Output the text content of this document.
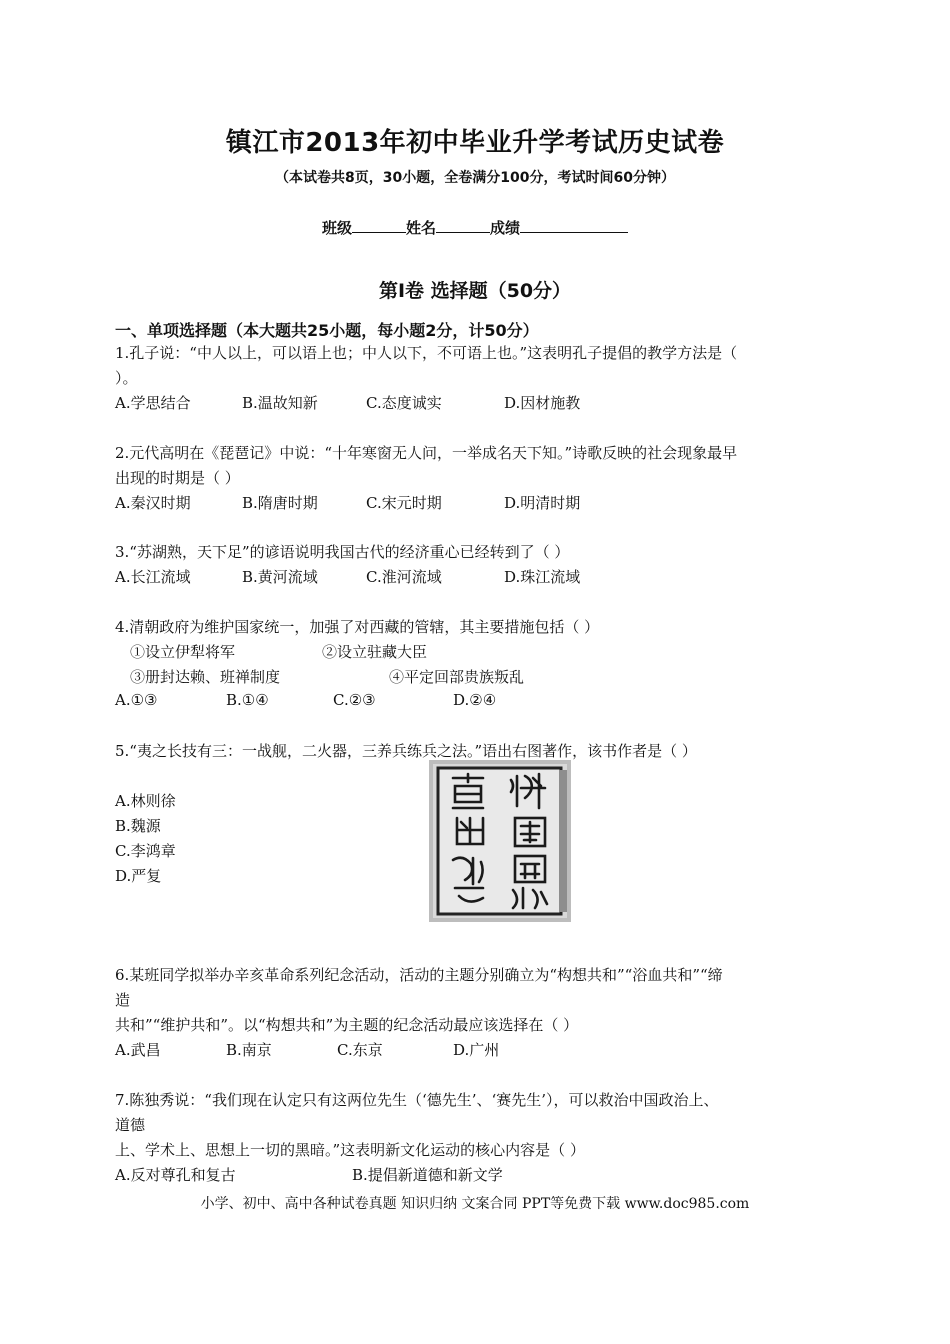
镇江市2013年初中毕业升学考试历史试卷
（本试卷共8页，30小题，全卷满分100分，考试时间60分钟）
班级	姓名	成绩
第Ⅰ卷 选择题（50分）
一、单项选择题（本大题共25小题，每小题2分，计50分）
1.孔子说：“中人以上，可以语上也；中人以下，不可语上也。”这表明孔子提倡的教学方法是（
）。
A.学思结合	B.温故知新	C.态度诚实	D.因材施教
2.元代高明在《琵琶记》中说：“十年寒窗无人问，一举成名天下知。”诗歌反映的社会现象最早
出现的时期是（ ）
A.秦汉时期	B.隋唐时期	C.宋元时期	D.明清时期
3.“苏湖熟，天下足”的谚语说明我国古代的经济重心已经转到了（ ）
A.长江流域	B.黄河流域	C.淮河流域	D.珠江流域
4.清朝政府为维护国家统一，加强了对西藏的管辖，其主要措施包括（ ）
①设立伊犁将军	②设立驻藏大臣
③册封达赖、班禅制度	④平定回部贵族叛乱
A.①③	B.①④	C.②③	D.②④
5.“夷之长技有三：一战舰，二火器，三养兵练兵之法。”语出右图著作，该书作者是（ ）
A.林则徐
B.魏源
C.李鸿章
D.严复
6.某班同学拟举办辛亥革命系列纪念活动，活动的主题分别确立为“构想共和”“浴血共和”“缔
造
共和”“维护共和”。以“构想共和”为主题的纪念活动最应该选择在（ ）
A.武昌	B.南京	C.东京	D.广州
7.陈独秀说：“我们现在认定只有这两位先生（‘德先生’、‘赛先生’），可以救治中国政治上、
道德
上、学术上、思想上一切的黑暗。”这表明新文化运动的核心内容是（ ）
A.反对尊孔和复古	B.提倡新道德和新文学
小学、初中、高中各种试卷真题 知识归纳 文案合同 PPT等免费下载 www.doc985.com
